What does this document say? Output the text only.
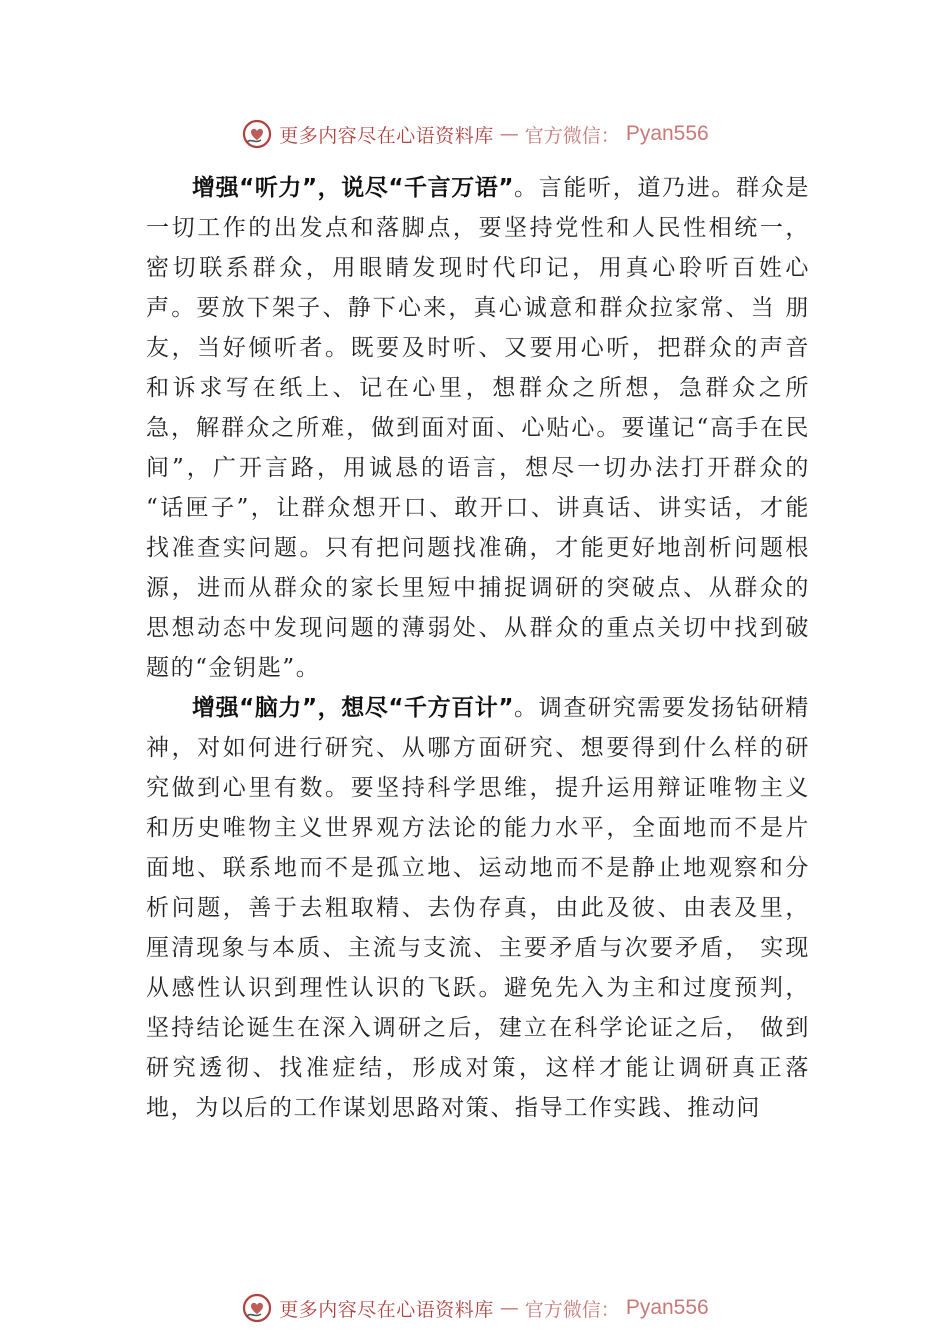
更多内容尽在心语资料库 — 官方微信： Pyan556

增强“听力”，说尽“千言万语”。言能听，道乃进。群众是一切工作的出发点和落脚点，要坚持党性和人民性相统一，密切联系群众，用眼睛发现时代印记，用真心聆听百姓心声。要放下架子、静下心来，真心诚意和群众拉家常、当 朋友，当好倾听者。既要及时听、又要用心听，把群众的声音和诉求写在纸上、记在心里，想群众之所想，急群众之所急，解群众之所难，做到面对面、心贴心。要谨记“高手在民间”，广开言路，用诚恳的语言，想尽一切办法打开群众的 “话匣子”，让群众想开口、敢开口、讲真话、讲实话，才能找准查实问题。只有把问题找准确，才能更好地剖析问题根源，进而从群众的家长里短中捕捉调研的突破点、从群众的思想动态中发现问题的薄弱处、从群众的重点关切中找到破题的“金钥匙”。

增强“脑力”，想尽“千方百计”。调查研究需要发扬钻研精神，对如何进行研究、从哪方面研究、想要得到什么样的研究做到心里有数。要坚持科学思维，提升运用辩证唯物主义和历史唯物主义世界观方法论的能力水平，全面地而不是片面地、联系地而不是孤立地、运动地而不是静止地观察和分析问题，善于去粗取精、去伪存真，由此及彼、由表及里，厘清现象与本质、主流与支流、主要矛盾与次要矛盾， 实现从感性认识到理性认识的飞跃。避免先入为主和过度预判，坚持结论诞生在深入调研之后，建立在科学论证之后， 做到研究透彻、找准症结，形成对策，这样才能让调研真正落地，为以后的工作谋划思路对策、指导工作实践、推动问

更多内容尽在心语资料库 — 官方微信： Pyan556
